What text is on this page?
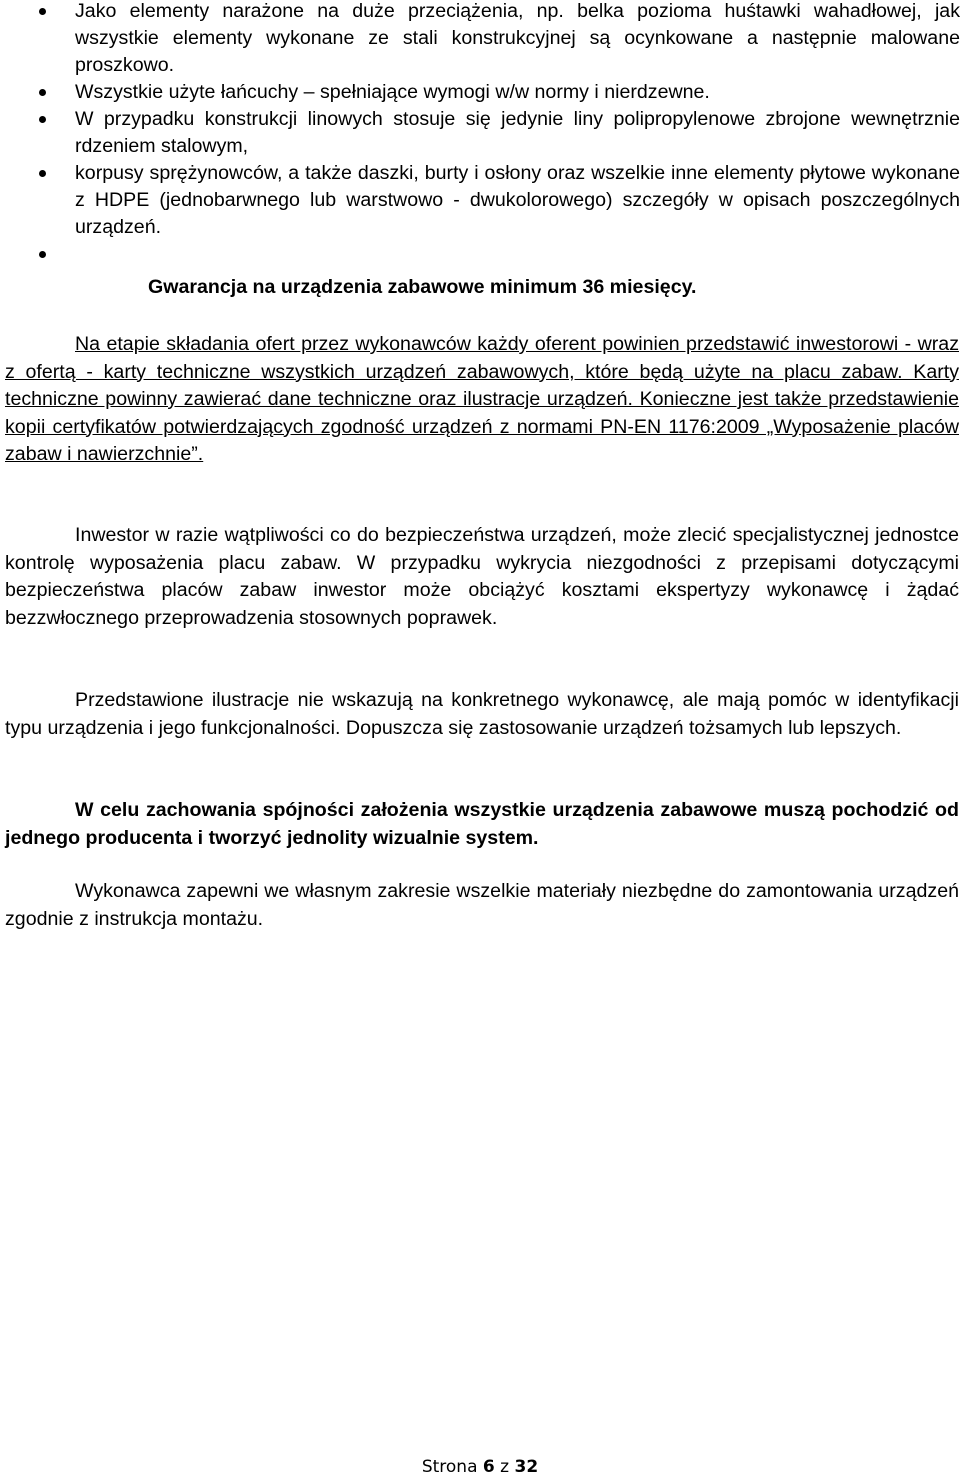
Jako elementy narażone na duże przeciążenia, np. belka pozioma huśtawki wahadłowej, jak wszystkie elementy wykonane ze stali konstrukcyjnej są ocynkowane a następnie malowane proszkowo.
Wszystkie użyte łańcuchy – spełniające wymogi w/w normy i nierdzewne.
W przypadku konstrukcji linowych stosuje się jedynie liny polipropylenowe zbrojone wewnętrznie rdzeniem stalowym,
korpusy sprężynowców, a także daszki, burty i osłony oraz wszelkie inne elementy płytowe wykonane z HDPE (jednobarwnego lub warstwowo - dwukolorowego) szczegóły w opisach poszczególnych urządzeń.
Gwarancja na urządzenia zabawowe minimum 36 miesięcy.
Na etapie składania ofert przez wykonawców każdy oferent powinien przedstawić inwestorowi - wraz z ofertą - karty techniczne wszystkich urządzeń zabawowych, które będą użyte na placu zabaw. Karty techniczne powinny zawierać dane techniczne oraz ilustracje urządzeń. Konieczne jest także przedstawienie kopii certyfikatów potwierdzających zgodność urządzeń z normami PN-EN 1176:2009 „Wyposażenie placów zabaw i nawierzchnie”.
Inwestor w razie wątpliwości co do bezpieczeństwa urządzeń, może zlecić specjalistycznej jednostce kontrolę wyposażenia placu zabaw. W przypadku wykrycia niezgodności z przepisami dotyczącymi bezpieczeństwa placów zabaw inwestor może obciążyć kosztami ekspertyzy wykonawcę i żądać bezzwłocznego przeprowadzenia stosownych poprawek.
Przedstawione ilustracje nie wskazują na konkretnego wykonawcę, ale mają pomóc w identyfikacji typu urządzenia i jego funkcjonalności. Dopuszcza się zastosowanie urządzeń tożsamych lub lepszych.
W celu zachowania spójności założenia wszystkie urządzenia zabawowe muszą pochodzić od jednego producenta i tworzyć jednolity wizualnie system.
Wykonawca zapewni we własnym zakresie wszelkie materiały niezbędne do zamontowania urządzeń zgodnie z instrukcja montażu.
Strona 6 z 32
